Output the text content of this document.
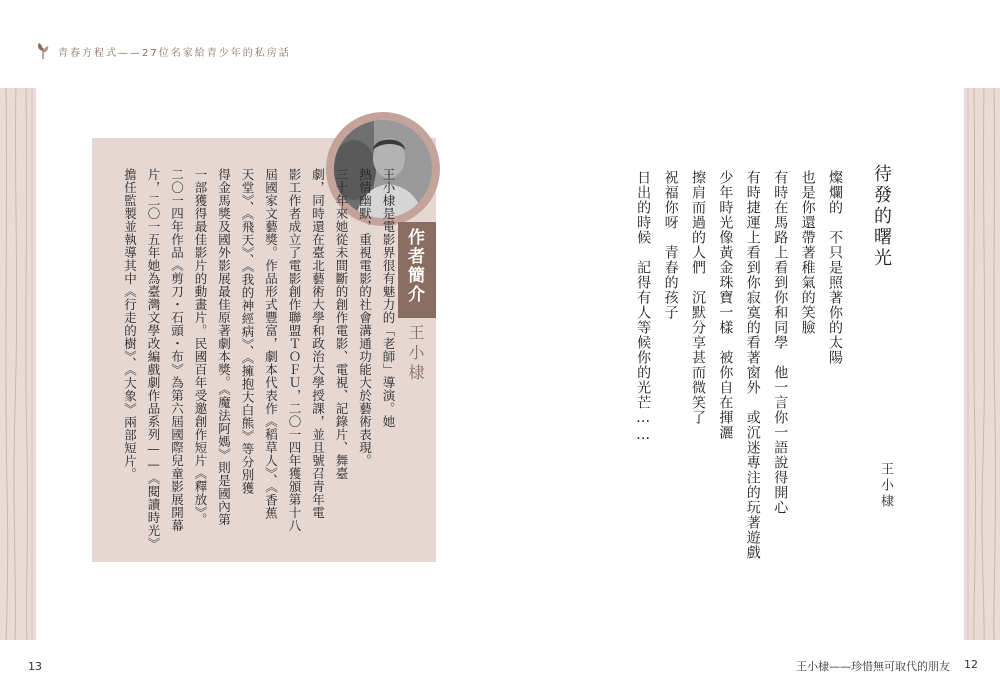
青春方程式——27位名家給青少年的私房話
作者簡介
王小棣

王小棣是電影界很有魅力的「老師」導演。她

熱情幽默，重視電影的社會溝通功能大於藝術表現。

三十年來她從未間斷的創作電影、電視、記錄片、舞臺

劇，同時還在臺北藝術大學和政治大學授課，並且號召青年電

影工作者成立了電影創作聯盟ＴＯＦＵ，二〇一四年獲頒第十八

屆國家文藝獎。作品形式豐富，劇本代表作《稻草人》、《香蕉

天堂》、《飛天》、《我的神經病》、《擁抱大白熊》等分別獲

得金馬獎及國外影展最佳原著劇本獎。《魔法阿媽》則是國內第

一部獲得最佳影片的動畫片。民國百年受邀創作短片《釋放》。

二〇一四年作品《剪刀・石頭・布》為第六屆國際兒童影展開幕

片，二〇一五年她為臺灣文學改編戲劇作品系列——《閱讀時光》

擔任監製並執導其中《行走的樹》、《大象》兩部短片。	待發的曙光

燦爛的　不只是照著你的太陽

也是你還帶著稚氣的笑臉

有時在馬路上看到你和同學　他一言你一語說得開心

有時捷運上看到你寂寞的看著窗外　或沉迷專注的玩著遊戲

少年時光像黃金珠寶一樣　被你自在揮灑

擦肩而過的人們　沉默分享甚而微笑了

祝福你呀　青春的孩子

日出的時候　記得有人等候你的光芒……

王小棣
13	王小棣——珍惜無可取代的朋友 12
